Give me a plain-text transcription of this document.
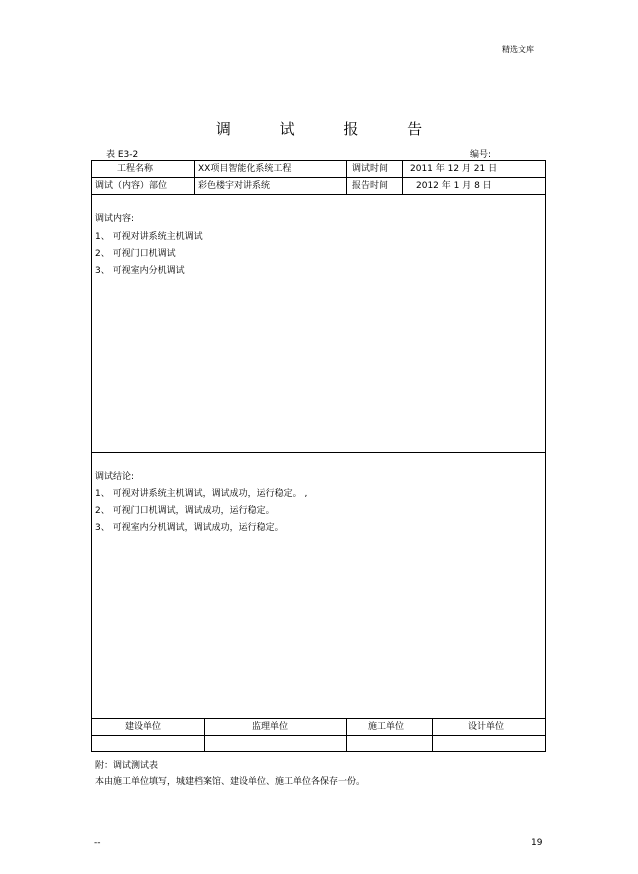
精选文库
调 试 报 告
表 E3-2	编号:
工程名称	XX项目智能化系统工程	调试时间 2011 年 12 月 21 日
调试（内容）部位	彩色楼宇对讲系统	报告时间	2012 年 1 月 8 日
调试内容:
1、 可视对讲系统主机调试
2、 可视门口机调试
3、 可视室内分机调试
调试结论:
1、 可视对讲系统主机调试，调试成功，运行稳定。 ,
2、 可视门口机调试，调试成功，运行稳定。
3、 可视室内分机调试，调试成功，运行稳定。
建设单位	监理单位	施工单位	设计单位
附：调试测试表
本由施工单位填写，城建档案馆、建设单位、施工单位各保存一份。
--	19
